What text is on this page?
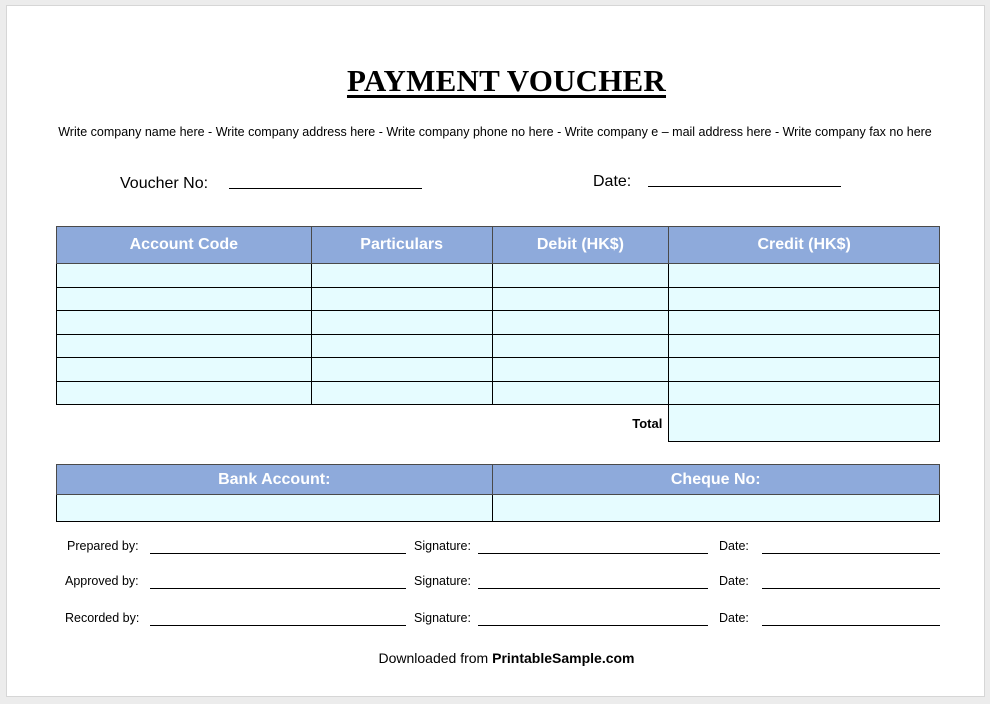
PAYMENT VOUCHER
Write company name here - Write company address here - Write company phone no here - Write company e – mail address here - Write company fax no here
Voucher No:	Date:
Account Code	Particulars	Debit (HK$)	Credit (HK$)

		Total	
Bank Account:	Cheque No:

Prepared by:	Signature:	Date:
Approved by:	Signature:	Date:
Recorded by:	Signature:	Date:
Downloaded from PrintableSample.com
